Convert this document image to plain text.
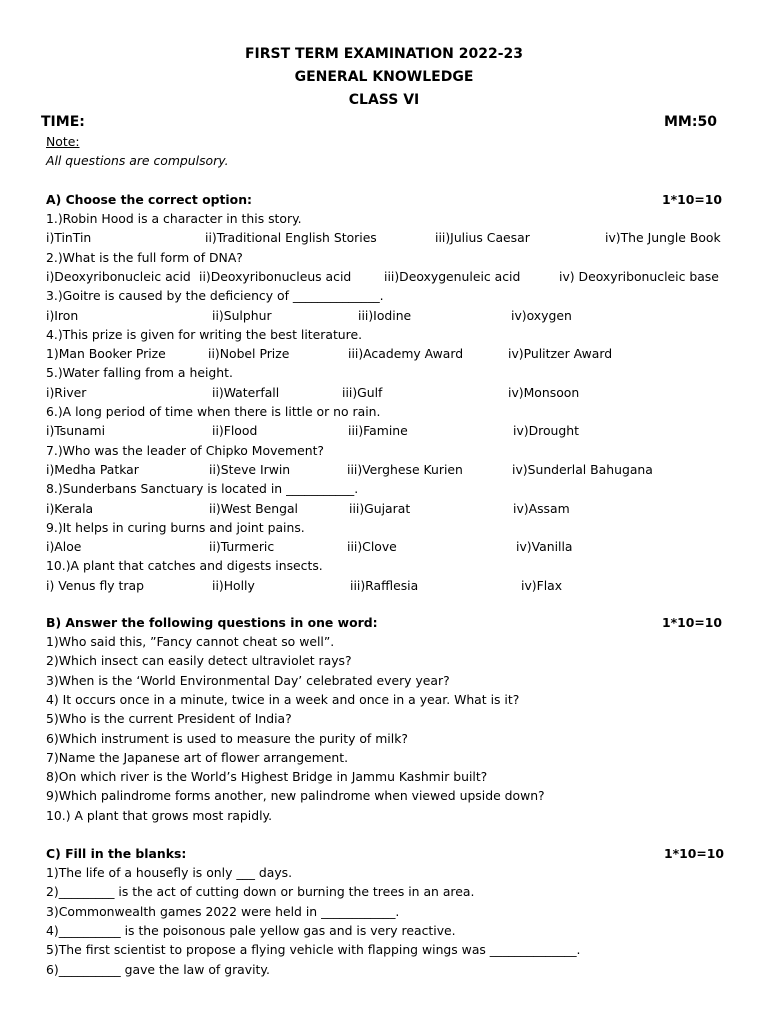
FIRST TERM EXAMINATION 2022-23
GENERAL KNOWLEDGE
CLASS VI
TIME:	MM:50
Note:
All questions are compulsory.
A) Choose the correct option:	1*10=10
1.)Robin Hood is a character in this story.
i)TinTin	ii)Traditional English Stories	iii)Julius Caesar	iv)The Jungle Book
2.)What is the full form of DNA?
i)Deoxyribonucleic acid ii)Deoxyribonucleus acid	iii)Deoxygenuleic acid	iv) Deoxyribonucleic base
3.)Goitre is caused by the deficiency of ______________.
i)Iron	ii)Sulphur	iii)Iodine	iv)oxygen
4.)This prize is given for writing the best literature.
1)Man Booker Prize	ii)Nobel Prize	iii)Academy Award	iv)Pulitzer Award
5.)Water falling from a height.
i)River	ii)Waterfall	iii)Gulf	iv)Monsoon
6.)A long period of time when there is little or no rain.
i)Tsunami	ii)Flood	iii)Famine	iv)Drought
7.)Who was the leader of Chipko Movement?
i)Medha Patkar	ii)Steve Irwin	iii)Verghese Kurien	iv)Sunderlal Bahugana
8.)Sunderbans Sanctuary is located in ___________.
i)Kerala	ii)West Bengal	iii)Gujarat	iv)Assam
9.)It helps in curing burns and joint pains.
i)Aloe	ii)Turmeric	iii)Clove	iv)Vanilla
10.)A plant that catches and digests insects.
i) Venus fly trap	ii)Holly	iii)Rafflesia	iv)Flax
B) Answer the following questions in one word:	1*10=10
1)Who said this, ”Fancy cannot cheat so well”.
2)Which insect can easily detect ultraviolet rays?
3)When is the ‘World Environmental Day’ celebrated every year?
4) It occurs once in a minute, twice in a week and once in a year. What is it?
5)Who is the current President of India?
6)Which instrument is used to measure the purity of milk?
7)Name the Japanese art of flower arrangement.
8)On which river is the World’s Highest Bridge in Jammu Kashmir built?
9)Which palindrome forms another, new palindrome when viewed upside down?
10.) A plant that grows most rapidly.
C) Fill in the blanks:	1*10=10
1)The life of a housefly is only ___ days.
2)_________ is the act of cutting down or burning the trees in an area.
3)Commonwealth games 2022 were held in ____________.
4)__________ is the poisonous pale yellow gas and is very reactive.
5)The first scientist to propose a flying vehicle with flapping wings was ______________.
6)__________ gave the law of gravity.
